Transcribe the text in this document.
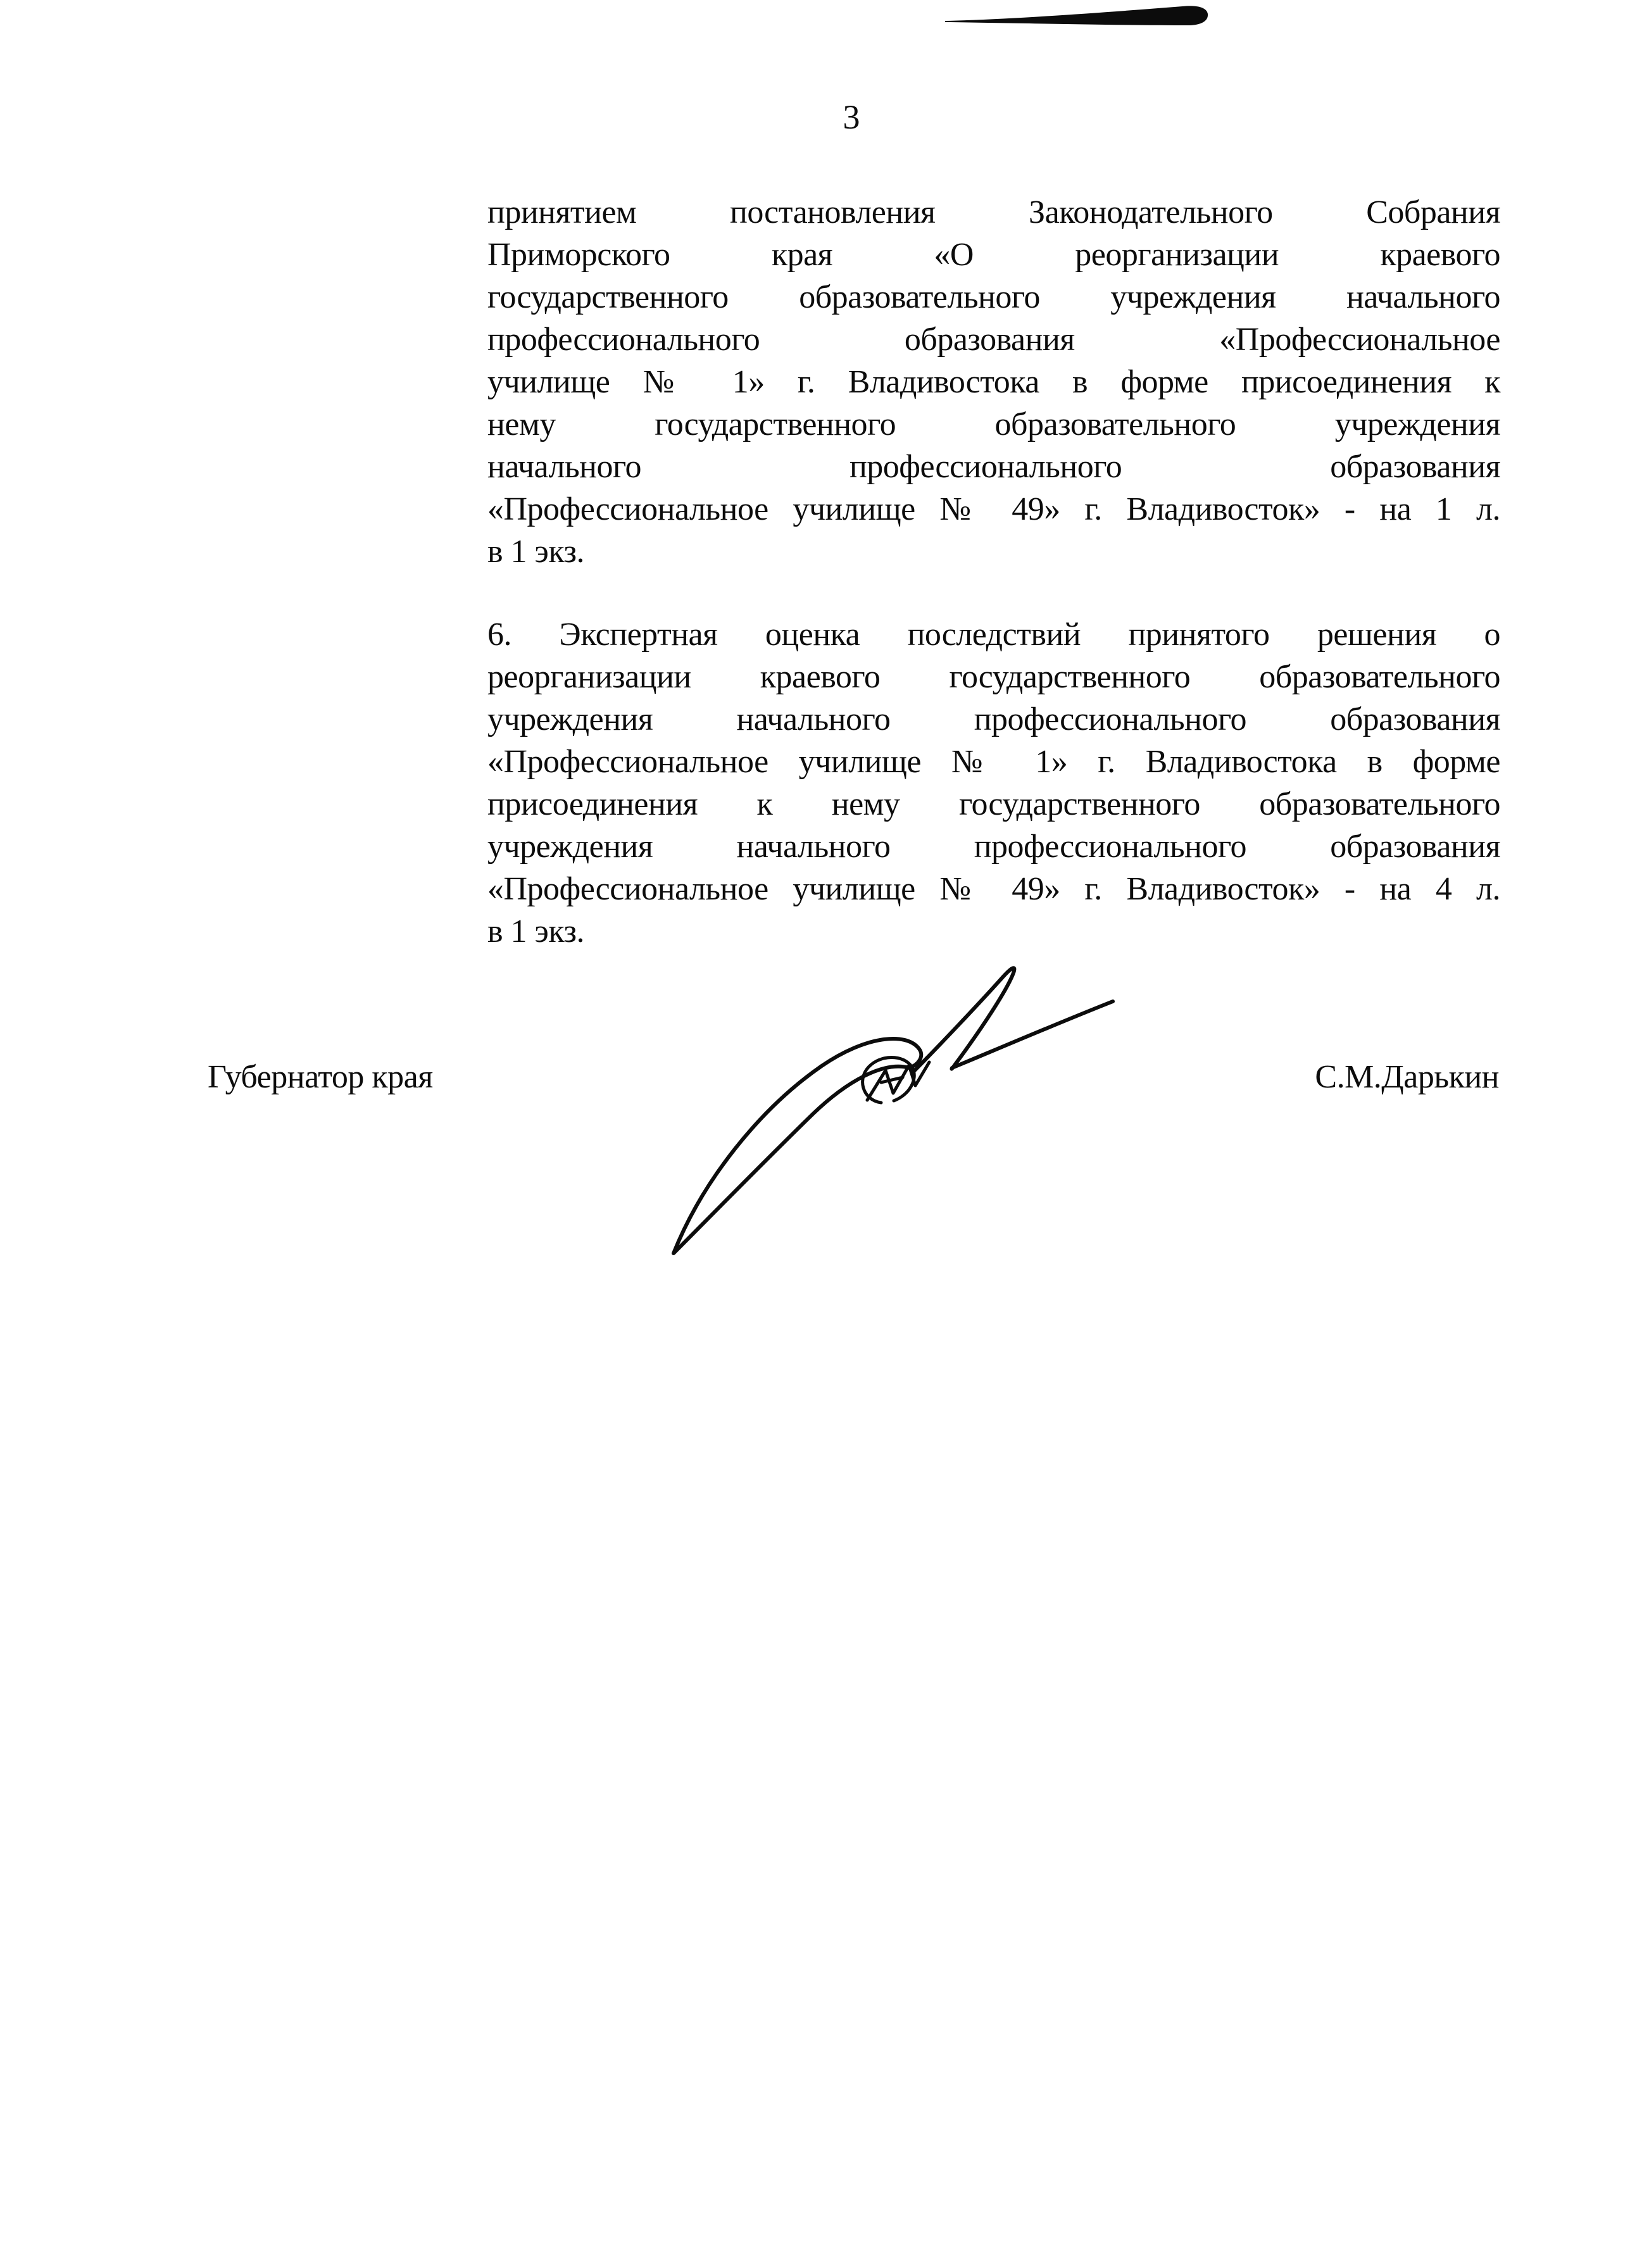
3
принятием постановления Законодательного Собрания
Приморского края «О реорганизации краевого
государственного образовательного учреждения начального
профессионального образования «Профессиональное
училище № 1» г. Владивостока в форме присоединения к
нему государственного образовательного учреждения
начального профессионального образования
«Профессиональное училище № 49» г. Владивосток» - на 1 л.
в 1 экз.
6. Экспертная оценка последствий принятого решения о
реорганизации краевого государственного образовательного
учреждения начального профессионального образования
«Профессиональное училище № 1» г. Владивостока в форме
присоединения к нему государственного образовательного
учреждения начального профессионального образования
«Профессиональное училище № 49» г. Владивосток» - на 4 л.
в 1 экз.
Губернатор края	С.М.Дарькин
